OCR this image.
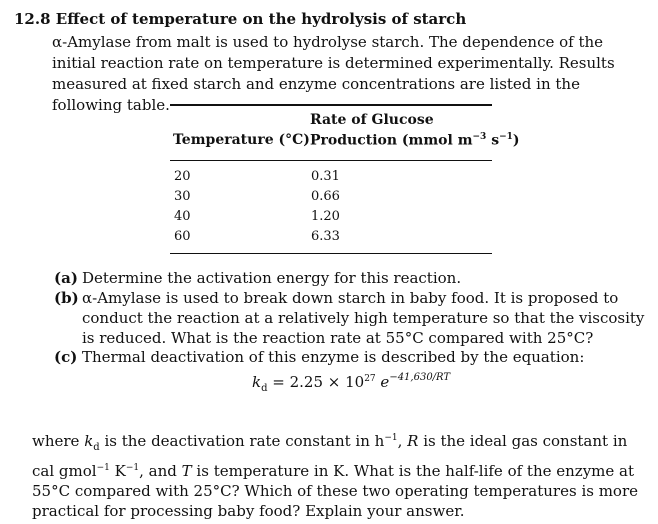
12.8 Effect of temperature on the hydrolysis of starch
α-Amylase from malt is used to hydrolyse starch. The dependence of the initial reaction rate on temperature is determined experimentally. Results measured at fixed starch and enzyme concentrations are listed in the following table.
Temperature (°C)
Rate of Glucose
Production (mmol $m^{-3}$ $s^{-1}$)
20	0.31
30	0.66
40	1.20
60	6.33
(a) Determine the activation energy for this reaction.
(b) α-Amylase is used to break down starch in baby food. It is proposed to conduct the reaction at a relatively high temperature so that the viscosity is reduced. What is the reaction rate at 55°C compared with 25°C?
(c) Thermal deactivation of this enzyme is described by the equation:
$k_d = 2.25 \times 10^{27}$ $e^{-41,630/RT}$
where $k_d$ is the deactivation rate constant in $h^{-1}$, R is the ideal gas constant in cal gmol$^{-1}$ $K^{-1}$, and T is temperature in K. What is the half-life of the enzyme at 55°C compared with 25°C? Which of these two operating temperatures is more practical for processing baby food? Explain your answer.
